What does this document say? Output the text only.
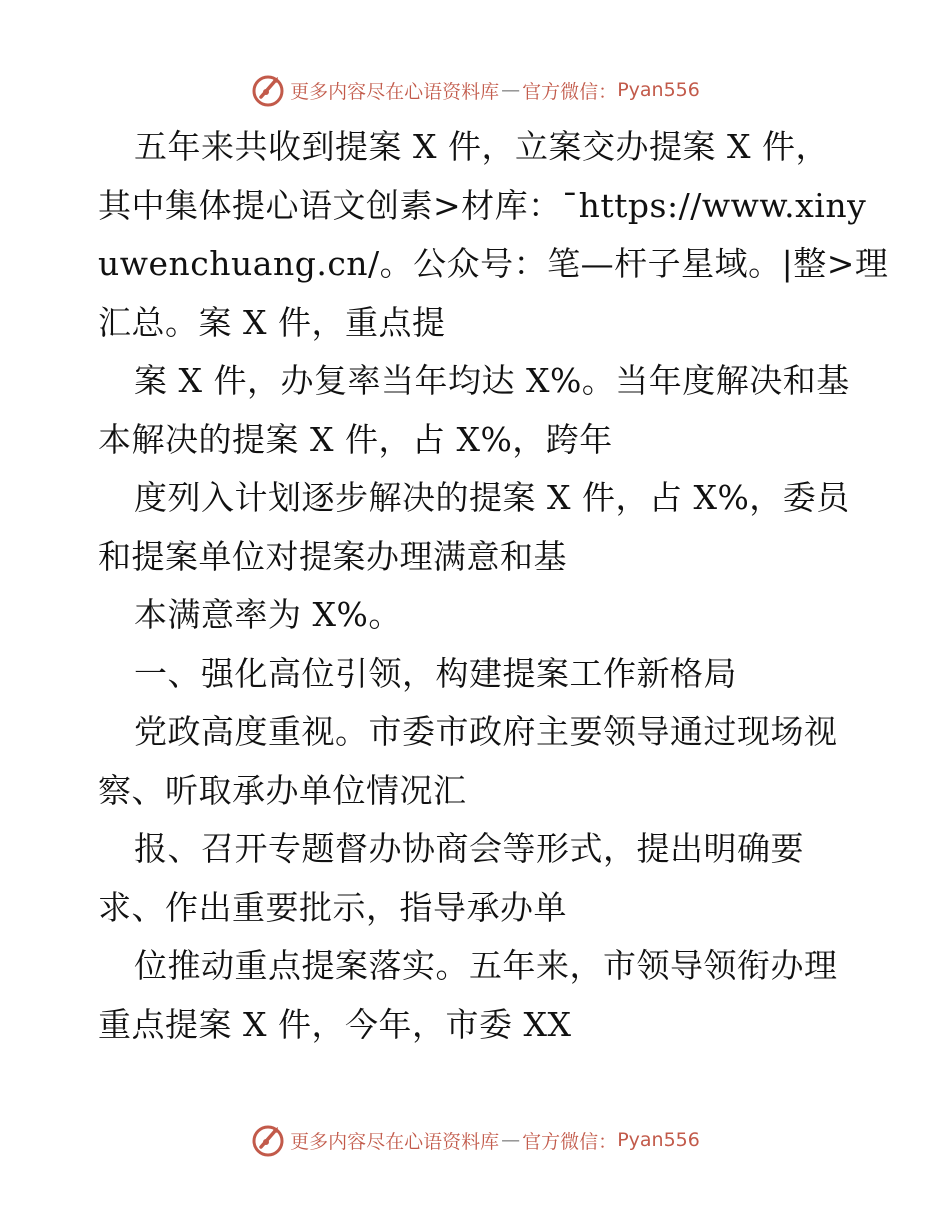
更多内容尽在心语资料库 — 官方微信： Pyan556
五年来共收到提案 X 件，立案交办提案 X 件，
其中集体提心语文创素>材库：¯https://www.xiny
uwenchuang.cn/。公众号：笔—杆子星域。|整>理
汇总。案 X 件，重点提
案 X 件，办复率当年均达 X%。当年度解决和基
本解决的提案 X 件，占 X%，跨年
度列入计划逐步解决的提案 X 件，占 X%，委员
和提案单位对提案办理满意和基
本满意率为 X%。
一、强化高位引领，构建提案工作新格局
党政高度重视。市委市政府主要领导通过现场视
察、听取承办单位情况汇
报、召开专题督办协商会等形式，提出明确要
求、作出重要批示，指导承办单
位推动重点提案落实。五年来，市领导领衔办理
重点提案 X 件，今年，市委 XX
更多内容尽在心语资料库 — 官方微信： Pyan556
